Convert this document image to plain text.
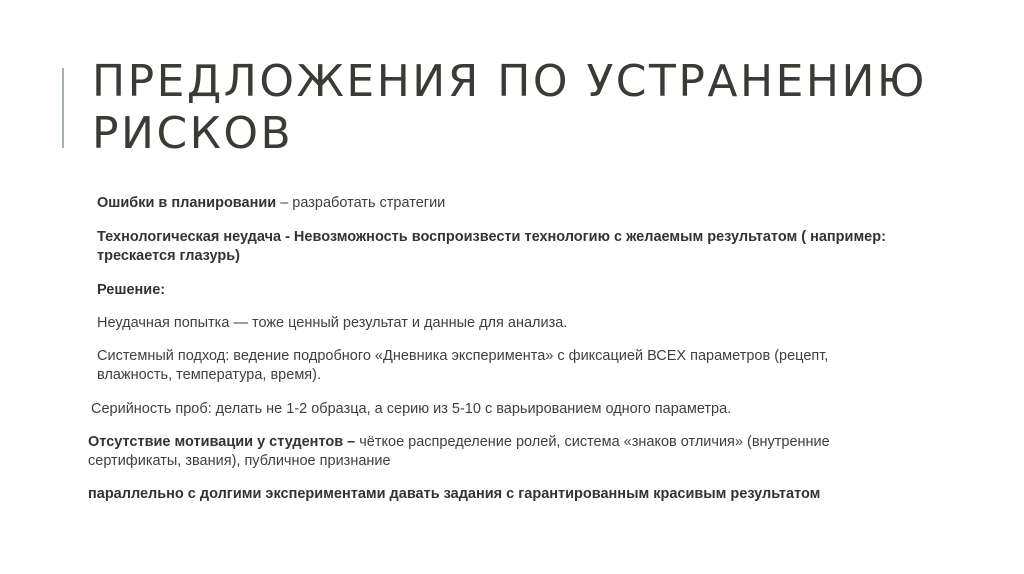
ПРЕДЛОЖЕНИЯ ПО УСТРАНЕНИЮ РИСКОВ

Ошибки в планировании – разработать стратегии

Технологическая неудача - Невозможность воспроизвести технологию с желаемым результатом ( например: трескается глазурь)

Решение:

Неудачная попытка — тоже ценный результат и данные для анализа.

Системный подход: ведение подробного «Дневника эксперимента» с фиксацией ВСЕХ параметров (рецепт, влажность, температура, время).

Серийность проб: делать не 1-2 образца, а серию из 5-10 с варьированием одного параметра.

Отсутствие мотивации у студентов – чёткое распределение ролей, система «знаков отличия» (внутренние сертификаты, звания), публичное признание

параллельно с долгими экспериментами давать задания с гарантированным красивым результатом
